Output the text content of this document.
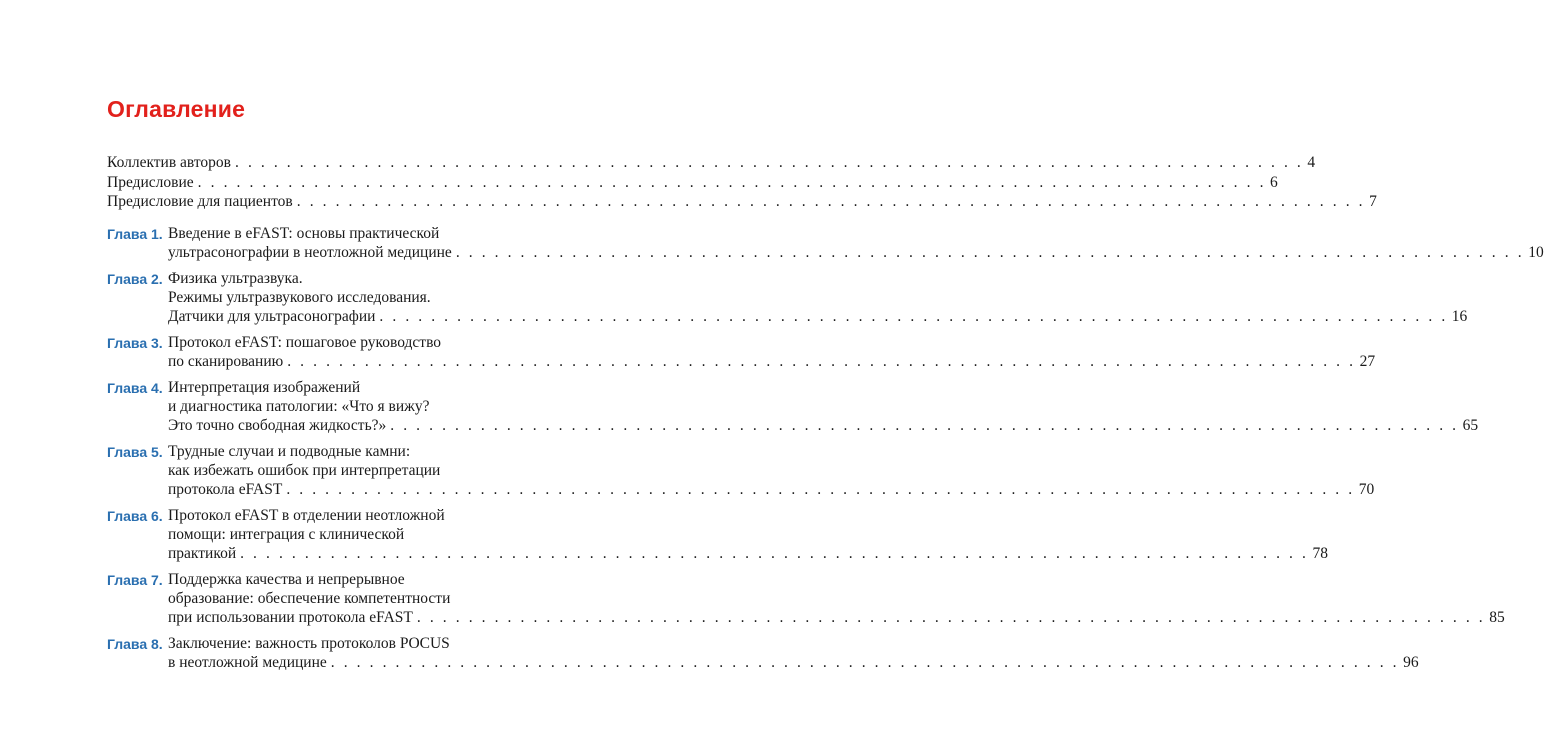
Оглавление
Коллектив авторов . . .	4
Предисловие . . .	6
Предисловие для пациентов . . .	7
Глава 1. Введение в eFAST: основы практической
ультрасонографии в неотложной медицине . . .	10
Глава 2. Физика ультразвука.
Режимы ультразвукового исследования.
Датчики для ультрасонографии . . .	16
Глава 3. Протокол eFAST: пошаговое руководство
по сканированию . . .	27
Глава 4. Интерпретация изображений
и диагностика патологии: «Что я вижу?
Это точно свободная жидкость?» . . .	65
Глава 5. Трудные случаи и подводные камни:
как избежать ошибок при интерпретации
протокола eFAST . . .	70
Глава 6. Протокол eFAST в отделении неотложной
помощи: интеграция с клинической
практикой . . .	78
Глава 7. Поддержка качества и непрерывное
образование: обеспечение компетентности
при использовании протокола eFAST . . .	85
Глава 8. Заключение: важность протоколов POCUS
в неотложной медицине . . .	96
